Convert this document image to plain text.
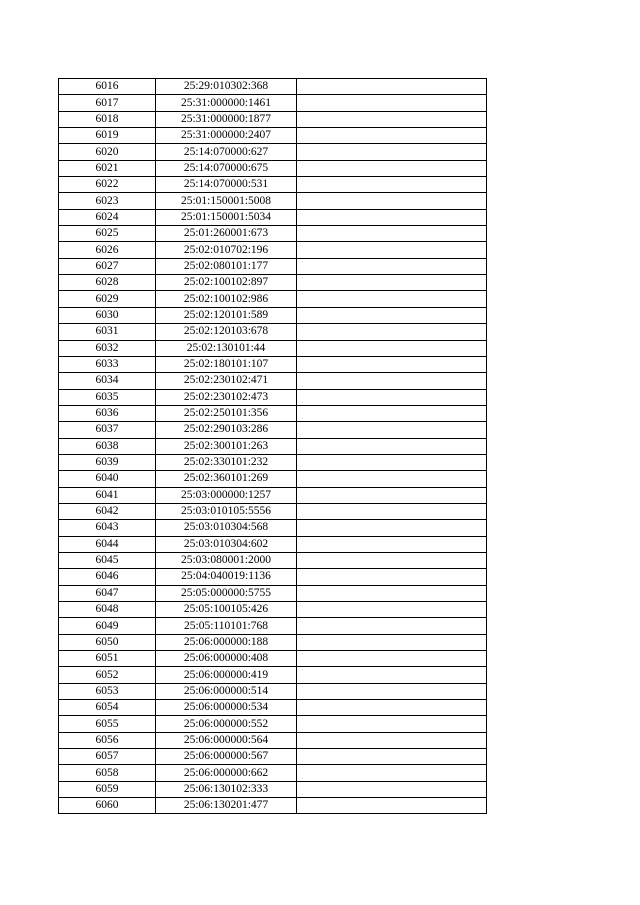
6016	25:29:010302:368	
6017	25:31:000000:1461	
6018	25:31:000000:1877	
6019	25:31:000000:2407	
6020	25:14:070000:627	
6021	25:14:070000:675	
6022	25:14:070000:531	
6023	25:01:150001:5008	
6024	25:01:150001:5034	
6025	25:01:260001:673	
6026	25:02:010702:196	
6027	25:02:080101:177	
6028	25:02:100102:897	
6029	25:02:100102:986	
6030	25:02:120101:589	
6031	25:02:120103:678	
6032	25:02:130101:44	
6033	25:02:180101:107	
6034	25:02:230102:471	
6035	25:02:230102:473	
6036	25:02:250101:356	
6037	25:02:290103:286	
6038	25:02:300101:263	
6039	25:02:330101:232	
6040	25:02:360101:269	
6041	25:03:000000:1257	
6042	25:03:010105:5556	
6043	25:03:010304:568	
6044	25:03:010304:602	
6045	25:03:080001:2000	
6046	25:04:040019:1136	
6047	25:05:000000:5755	
6048	25:05:100105:426	
6049	25:05:110101:768	
6050	25:06:000000:188	
6051	25:06:000000:408	
6052	25:06:000000:419	
6053	25:06:000000:514	
6054	25:06:000000:534	
6055	25:06:000000:552	
6056	25:06:000000:564	
6057	25:06:000000:567	
6058	25:06:000000:662	
6059	25:06:130102:333	
6060	25:06:130201:477	
